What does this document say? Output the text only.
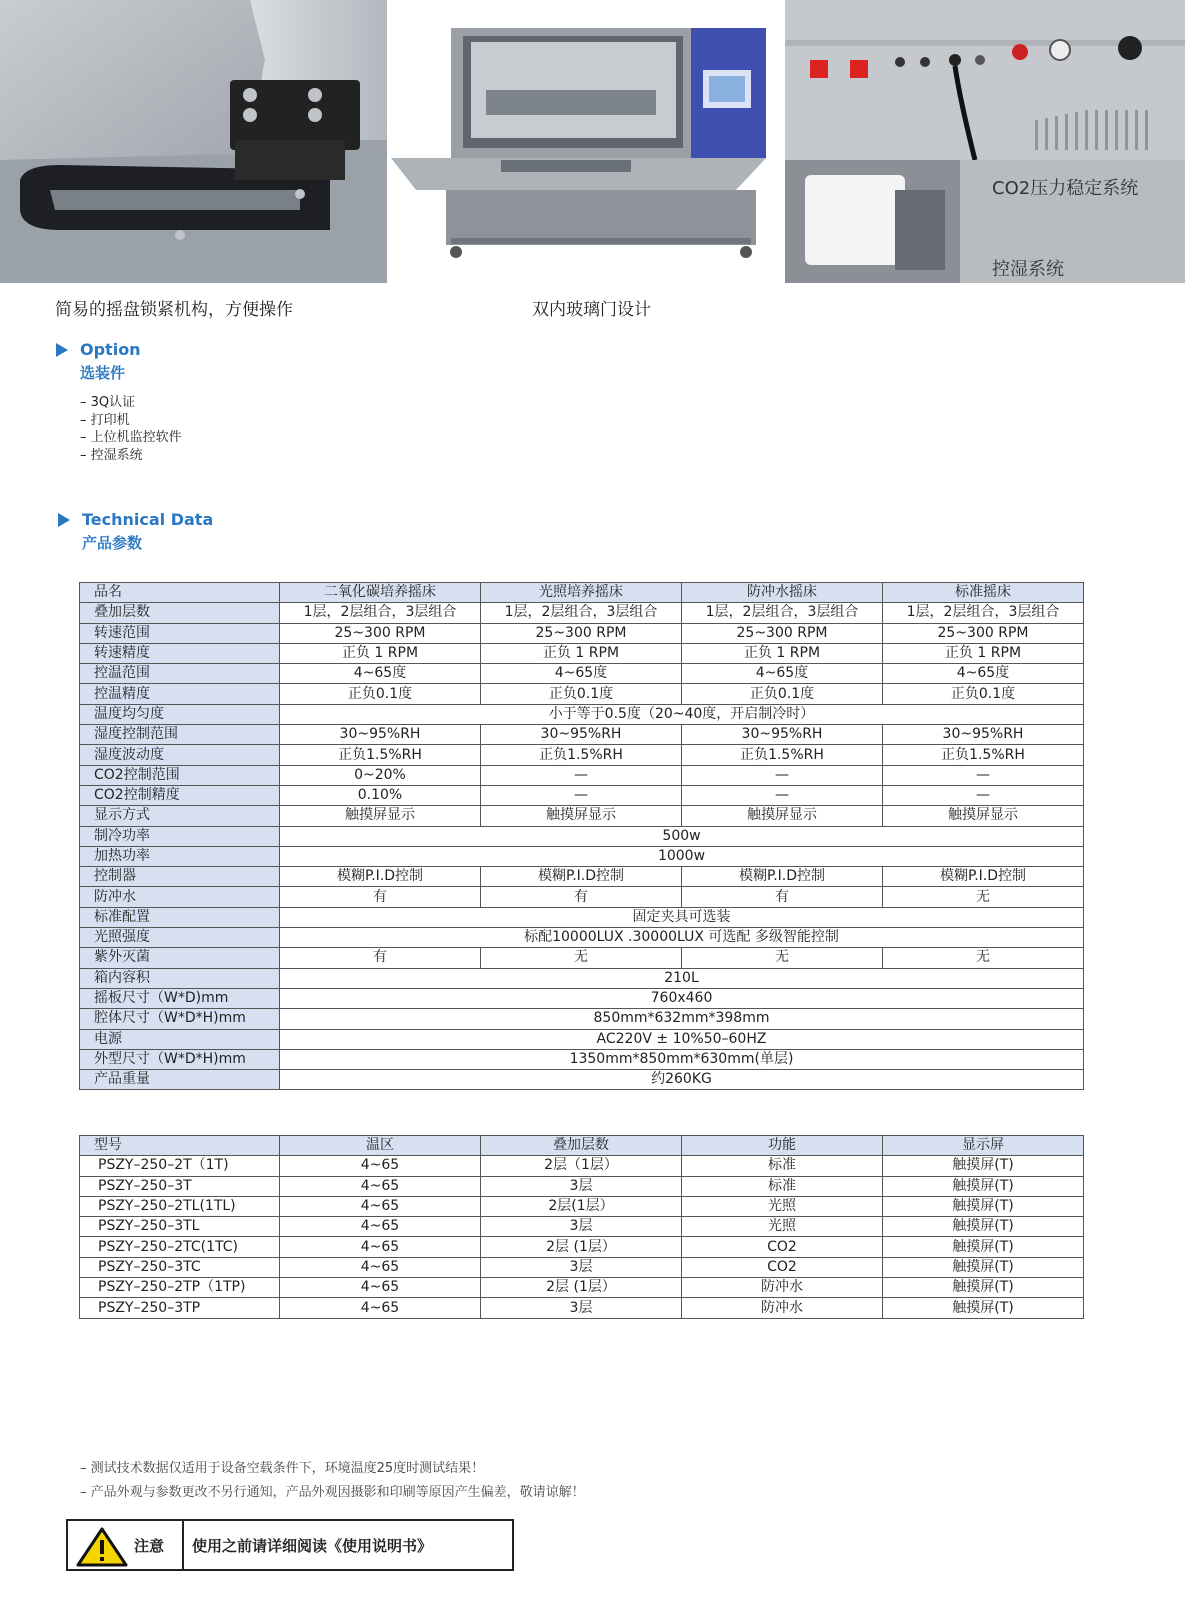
CO2压力稳定系统
控湿系统
简易的摇盘锁紧机构，方便操作	双内玻璃门设计
Option
选装件
– 3Q认证
– 打印机
– 上位机监控软件
– 控湿系统
Technical Data
产品参数
品名	二氧化碳培养摇床	光照培养摇床	防冲水摇床	标准摇床
叠加层数	1层，2层组合，3层组合	1层，2层组合，3层组合	1层，2层组合，3层组合	1层，2层组合，3层组合
转速范围	25~300 RPM	25~300 RPM	25~300 RPM	25~300 RPM
转速精度	正负 1 RPM	正负 1 RPM	正负 1 RPM	正负 1 RPM
控温范围	4~65度	4~65度	4~65度	4~65度
控温精度	正负0.1度	正负0.1度	正负0.1度	正负0.1度
温度均匀度	小于等于0.5度（20~40度，开启制冷时）			
湿度控制范围	30~95%RH	30~95%RH	30~95%RH	30~95%RH
湿度波动度	正负1.5%RH	正负1.5%RH	正负1.5%RH	正负1.5%RH
CO2控制范围	0~20%	—	—	—
CO2控制精度	0.10%	—	—	—
显示方式	触摸屏显示	触摸屏显示	触摸屏显示	触摸屏显示
制冷功率	500w			
加热功率	1000w			
控制器	模糊P.I.D控制	模糊P.I.D控制	模糊P.I.D控制	模糊P.I.D控制
防冲水	有	有	有	无
标准配置	固定夹具可选装			
光照强度	标配10000LUX .30000LUX 可选配 多级智能控制			
紫外灭菌	有	无	无	无
箱内容积	210L			
摇板尺寸（W*D)mm	760x460			
腔体尺寸（W*D*H)mm	850mm*632mm*398mm			
电源	AC220V ± 10%50–60HZ			
外型尺寸（W*D*H)mm	1350mm*850mm*630mm(单层)			
产品重量	约260KG			
型号	温区	叠加层数	功能	显示屏
PSZY–250–2T（1T)	4~65	2层（1层）	标准	触摸屏(T)
PSZY–250–3T	4~65	3层	标准	触摸屏(T)
PSZY–250–2TL(1TL)	4~65	2层(1层）	光照	触摸屏(T)
PSZY–250–3TL	4~65	3层	光照	触摸屏(T)
PSZY–250–2TC(1TC)	4~65	2层 (1层）	CO2	触摸屏(T)
PSZY–250–3TC	4~65	3层	CO2	触摸屏(T)
PSZY–250–2TP（1TP)	4~65	2层 (1层）	防冲水	触摸屏(T)
PSZY–250–3TP	4~65	3层	防冲水	触摸屏(T)
– 测试技术数据仅适用于设备空载条件下，环境温度25度时测试结果！
– 产品外观与参数更改不另行通知，产品外观因摄影和印刷等原因产生偏差，敬请谅解！
注意 使用之前请详细阅读《使用说明书》
